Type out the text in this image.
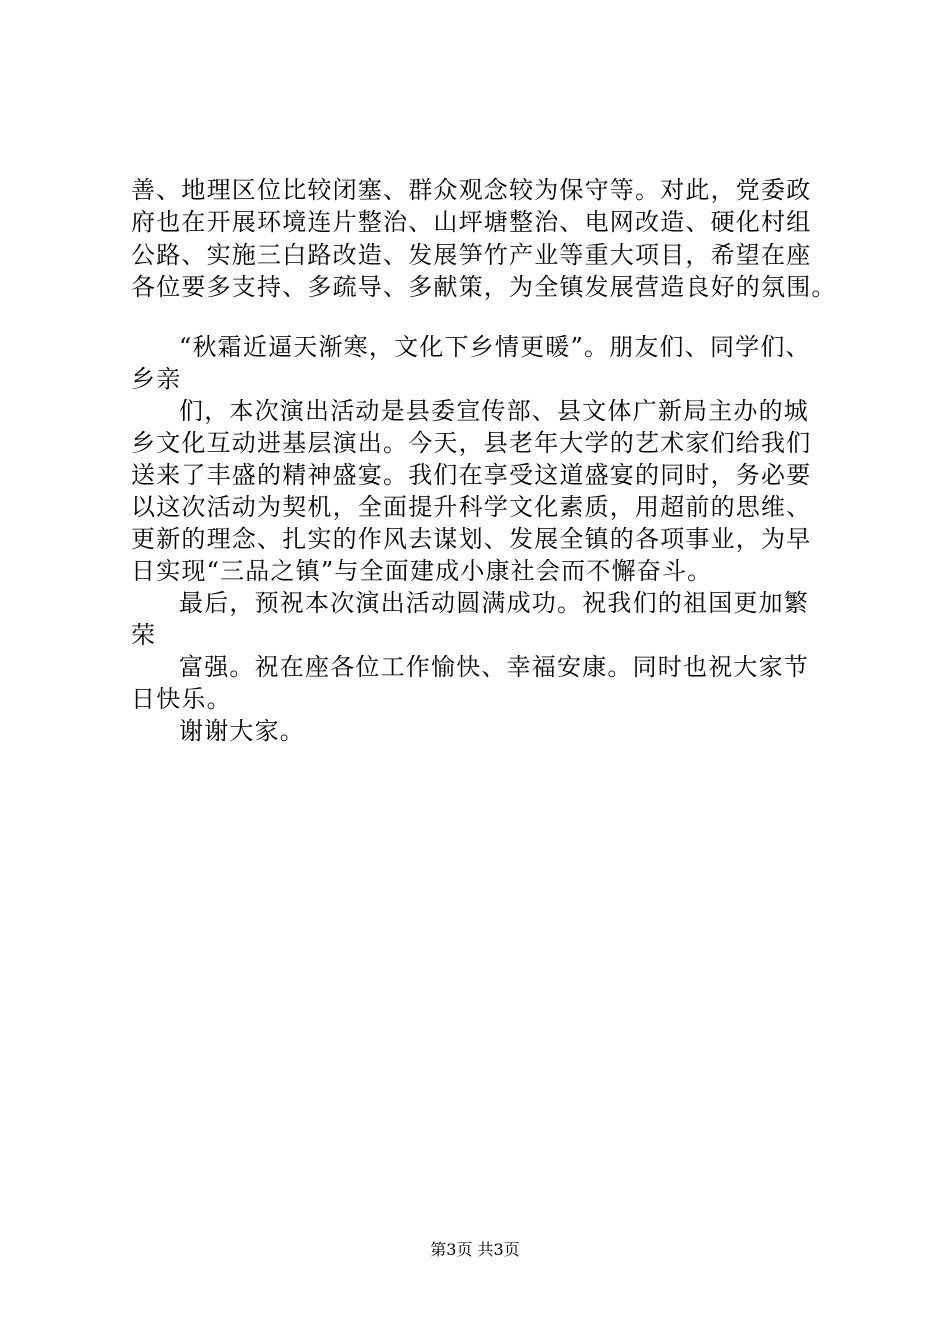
善、地理区位比较闭塞、群众观念较为保守等。对此，党委政
府也在开展环境连片整治、山坪塘整治、电网改造、硬化村组
公路、实施三白路改造、发展笋竹产业等重大项目，希望在座
各位要多支持、多疏导、多献策，为全镇发展营造良好的氛围。
“秋霜近逼天渐寒，文化下乡情更暖”。朋友们、同学们、
乡亲
们，本次演出活动是县委宣传部、县文体广新局主办的城
乡文化互动进基层演出。今天，县老年大学的艺术家们给我们
送来了丰盛的精神盛宴。我们在享受这道盛宴的同时，务必要
以这次活动为契机，全面提升科学文化素质，用超前的思维、
更新的理念、扎实的作风去谋划、发展全镇的各项事业，为早
日实现“三品之镇”与全面建成小康社会而不懈奋斗。
最后，预祝本次演出活动圆满成功。祝我们的祖国更加繁
荣
富强。祝在座各位工作愉快、幸福安康。同时也祝大家节
日快乐。
谢谢大家。
第3页 共3页
